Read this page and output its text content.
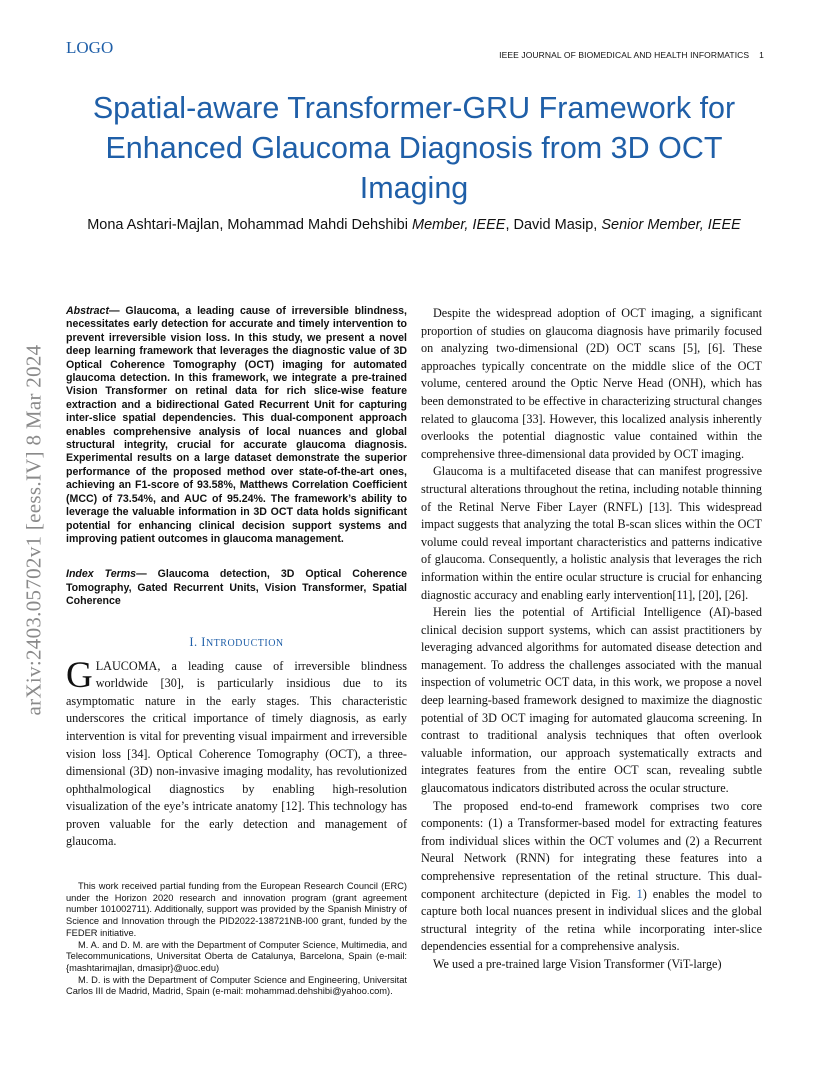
LOGO	IEEE JOURNAL OF BIOMEDICAL AND HEALTH INFORMATICS 1
Spatial-aware Transformer-GRU Framework for
Enhanced Glaucoma Diagnosis from 3D OCT
Imaging
Mona Ashtari-Majlan, Mohammad Mahdi Dehshibi Member, IEEE, David Masip, Senior Member, IEEE
arXiv:2403.05702v1 [eess.IV] 8 Mar 2024

Abstract— Glaucoma, a leading cause of irreversible blindness, necessitates early detection for accurate and timely intervention to prevent irreversible vision loss. In this study, we present a novel deep learning framework that leverages the diagnostic value of 3D Optical Coherence Tomography (OCT) imaging for automated glaucoma detection. In this framework, we integrate a pre-trained Vision Transformer on retinal data for rich slice-wise feature extraction and a bidirectional Gated Recurrent Unit for capturing inter-slice spatial dependencies. This dual-component approach enables comprehensive analysis of local nuances and global structural integrity, crucial for accurate glaucoma diagnosis. Experimental results on a large dataset demonstrate the superior performance of the proposed method over state-of-the-art ones, achieving an F1-score of 93.58%, Matthews Correlation Coefficient (MCC) of 73.54%, and AUC of 95.24%. The framework’s ability to leverage the valuable information in 3D OCT data holds significant potential for enhancing clinical decision support systems and improving patient outcomes in glaucoma management.

Index Terms— Glaucoma detection, 3D Optical Coherence Tomography, Gated Recurrent Units, Vision Transformer, Spatial Coherence

I. INTRODUCTION

GLAUCOMA, a leading cause of irreversible blindness worldwide [30], is particularly insidious due to its asymptomatic nature in the early stages. This characteristic underscores the critical importance of timely diagnosis, as early intervention is vital for preventing visual impairment and irreversible vision loss [34]. Optical Coherence Tomography (OCT), a three-dimensional (3D) non-invasive imaging modality, has revolutionized ophthalmological diagnostics by enabling high-resolution visualization of the eye’s intricate anatomy [12]. This technology has proven valuable for the early detection and management of glaucoma.

This work received partial funding from the European Research Council (ERC) under the Horizon 2020 research and innovation program (grant agreement number 101002711). Additionally, support was provided by the Spanish Ministry of Science and Innovation through the PID2022-138721NB-I00 grant, funded by the FEDER initiative.

M. A. and D. M. are with the Department of Computer Science, Multimedia, and Telecommunications, Universitat Oberta de Catalunya, Barcelona, Spain (e-mail: {mashtarimajlan, dmasipr}@uoc.edu)

M. D. is with the Department of Computer Science and Engineering, Universitat Carlos III de Madrid, Madrid, Spain (e-mail: mohammad.dehshibi@yahoo.com).

Despite the widespread adoption of OCT imaging, a significant proportion of studies on glaucoma diagnosis have primarily focused on analyzing two-dimensional (2D) OCT scans [5], [6]. These approaches typically concentrate on the middle slice of the OCT volume, centered around the Optic Nerve Head (ONH), which has been demonstrated to be effective in characterizing structural changes related to glaucoma [33]. However, this localized analysis inherently overlooks the potential diagnostic value contained within the comprehensive three-dimensional data provided by OCT imaging.

Glaucoma is a multifaceted disease that can manifest progressive structural alterations throughout the retina, including notable thinning of the Retinal Nerve Fiber Layer (RNFL) [13]. This widespread impact suggests that analyzing the total B-scan slices within the OCT volume could reveal important characteristics and patterns indicative of glaucoma. Consequently, a holistic analysis that leverages the rich information within the entire ocular structure is crucial for enhancing diagnostic accuracy and enabling early intervention[11], [20], [26].

Herein lies the potential of Artificial Intelligence (AI)-based clinical decision support systems, which can assist practitioners by leveraging advanced algorithms for automated disease detection and management. To address the challenges associated with the manual inspection of volumetric OCT data, in this work, we propose a novel deep learning-based framework designed to maximize the diagnostic potential of 3D OCT imaging for automated glaucoma screening. In contrast to traditional analysis techniques that often overlook valuable information, our approach systematically extracts and integrates features from the entire OCT scan, revealing subtle glaucomatous indicators distributed across the ocular structure.

The proposed end-to-end framework comprises two core components: (1) a Transformer-based model for extracting features from individual slices within the OCT volumes and (2) a Recurrent Neural Network (RNN) for integrating these features into a comprehensive representation of the retinal structure. This dual-component architecture (depicted in Fig. 1) enables the model to capture both local nuances present in individual slices and the global structural integrity of the retina while incorporating inter-slice dependencies essential for a comprehensive analysis.

We used a pre-trained large Vision Transformer (ViT-large)
